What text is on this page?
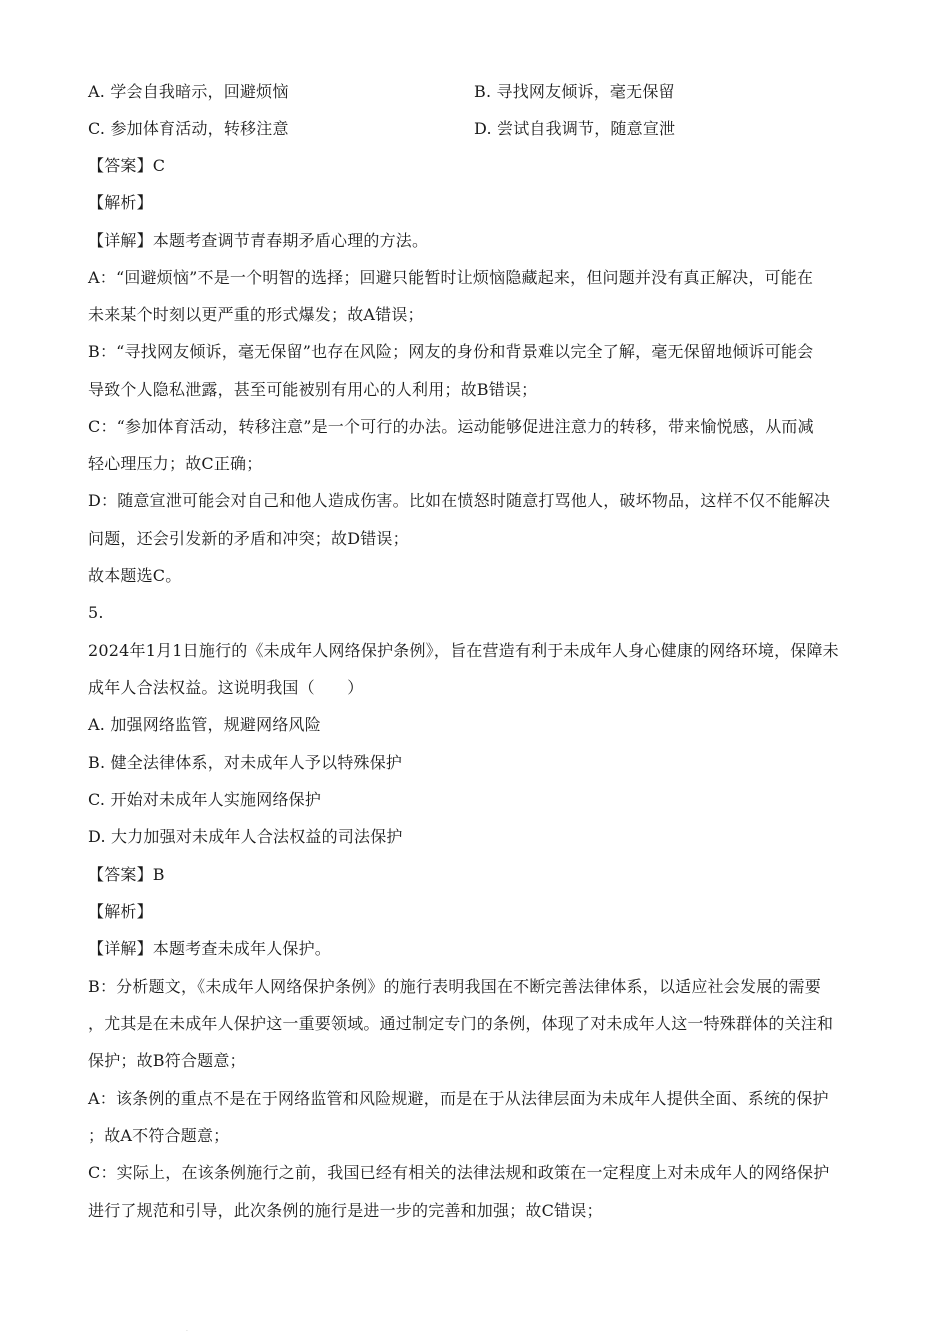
A. 学会自我暗示，回避烦恼	B. 寻找网友倾诉，毫无保留
C. 参加体育活动，转移注意	D. 尝试自我调节，随意宣泄
【答案】C
【解析】
【详解】本题考查调节青春期矛盾心理的方法。
A：“回避烦恼”不是一个明智的选择；回避只能暂时让烦恼隐藏起来，但问题并没有真正解决，可能在
未来某个时刻以更严重的形式爆发；故A错误；
B：“寻找网友倾诉，毫无保留”也存在风险；网友的身份和背景难以完全了解，毫无保留地倾诉可能会
导致个人隐私泄露，甚至可能被别有用心的人利用；故B错误；
C：“参加体育活动，转移注意”是一个可行的办法。运动能够促进注意力的转移，带来愉悦感，从而减
轻心理压力；故C正确；
D：随意宣泄可能会对自己和他人造成伤害。比如在愤怒时随意打骂他人，破坏物品，这样不仅不能解决
问题，还会引发新的矛盾和冲突；故D错误；
故本题选C。
5.
2024年1月1日施行的《未成年人网络保护条例》，旨在营造有利于未成年人身心健康的网络环境，保障未
成年人合法权益。这说明我国（　　）
A. 加强网络监管，规避网络风险
B. 健全法律体系，对未成年人予以特殊保护
C. 开始对未成年人实施网络保护
D. 大力加强对未成年人合法权益的司法保护
【答案】B
【解析】
【详解】本题考查未成年人保护。
B：分析题文，《未成年人网络保护条例》的施行表明我国在不断完善法律体系，以适应社会发展的需要
，尤其是在未成年人保护这一重要领域。通过制定专门的条例，体现了对未成年人这一特殊群体的关注和
保护；故B符合题意；
A：该条例的重点不是在于网络监管和风险规避，而是在于从法律层面为未成年人提供全面、系统的保护
；故A不符合题意；
C：实际上，在该条例施行之前，我国已经有相关的法律法规和政策在一定程度上对未成年人的网络保护
进行了规范和引导，此次条例的施行是进一步的完善和加强；故C错误；
.
